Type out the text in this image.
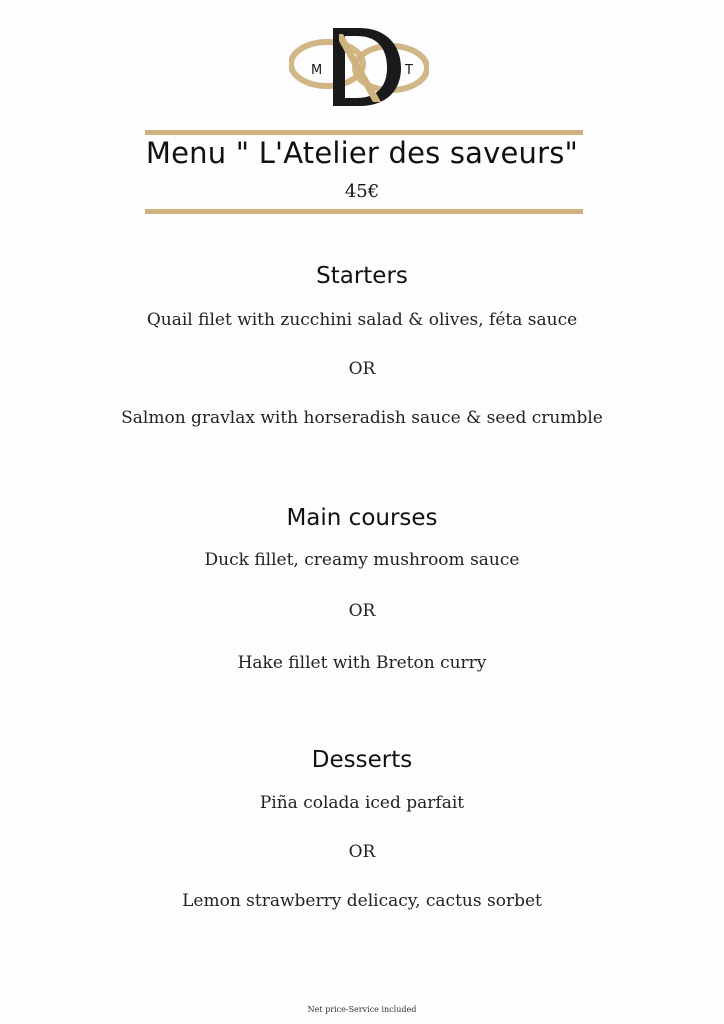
M	T
Menu " L'Atelier des saveurs"
45€
Starters
Quail filet with zucchini salad & olives, féta sauce
OR
Salmon gravlax with horseradish sauce & seed crumble
Main courses
Duck fillet, creamy mushroom sauce
OR
Hake fillet with Breton curry
Desserts
Piña colada iced parfait
OR
Lemon strawberry delicacy, cactus sorbet
Net price-Service included
